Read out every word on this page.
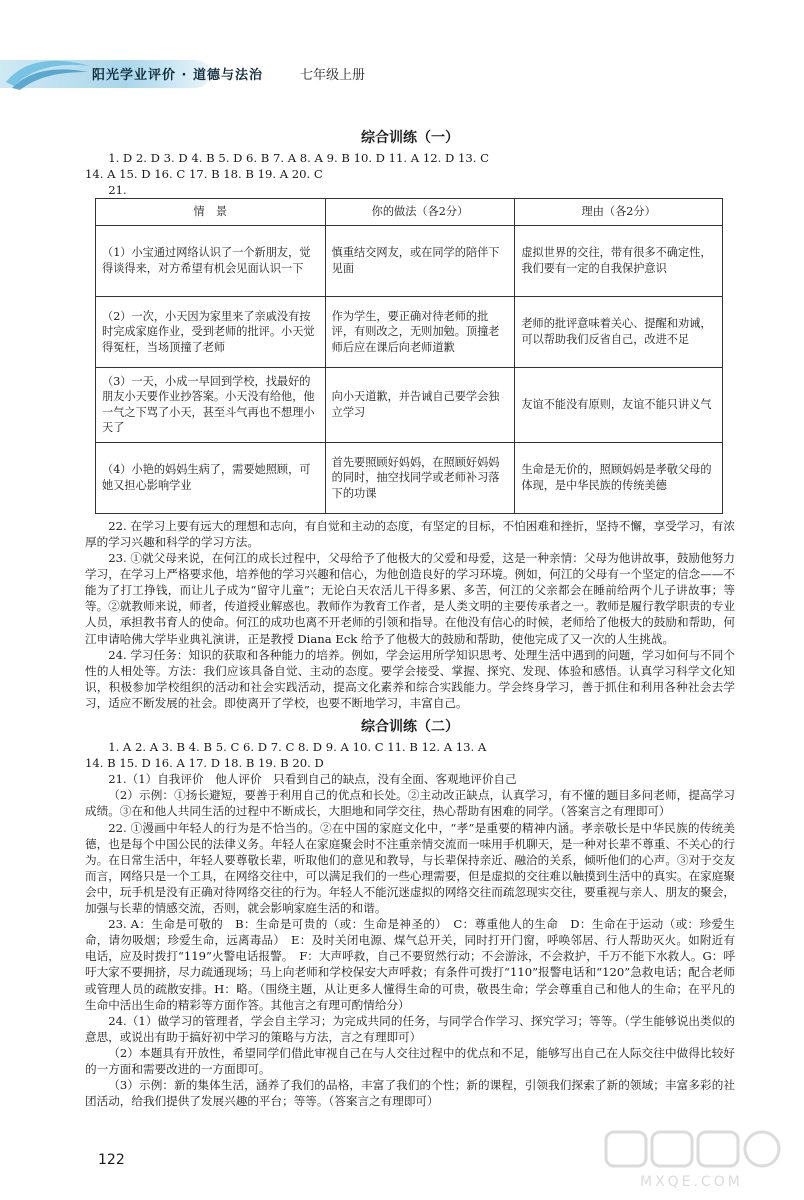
阳光学业评价 · 道德与法治	七年级上册
综合训练（一）

1. D 2. D 3. D 4. B 5. D 6. B 7. A 8. A 9. B 10. D 11. A 12. D 13. C

14. A 15. D 16. C 17. B 18. B 19. A 20. C

21.

情　景	你的做法（各2分）	理由（各2分）
（1）小宝通过网络认识了一个新朋友，觉得谈得来，对方希望有机会见面认识一下	慎重结交网友，或在同学的陪伴下见面	虚拟世界的交往，带有很多不确定性，我们要有一定的自我保护意识
（2）一次，小天因为家里来了亲戚没有按时完成家庭作业，受到老师的批评。小天觉得冤枉，当场顶撞了老师	作为学生，要正确对待老师的批评，有则改之，无则加勉。顶撞老师后应在课后向老师道歉	老师的批评意味着关心、提醒和劝诫，可以帮助我们反省自己，改进不足
（3）一天，小成一早回到学校，找最好的朋友小天要作业抄答案。小天没有给他，他一气之下骂了小天，甚至斗气再也不想理小天了	向小天道歉，并告诫自己要学会独立学习	友谊不能没有原则，友谊不能只讲义气
（4）小艳的妈妈生病了，需要她照顾，可她又担心影响学业	首先要照顾好妈妈，在照顾好妈妈的同时，抽空找同学或老师补习落下的功课	生命是无价的，照顾妈妈是孝敬父母的体现，是中华民族的传统美德

22. 在学习上要有远大的理想和志向，有自觉和主动的态度，有坚定的目标，不怕困难和挫折，坚持不懈，享受学习，有浓厚的学习兴趣和科学的学习方法。

23. ①就父母来说，在何江的成长过程中，父母给予了他极大的父爱和母爱，这是一种亲情：父母为他讲故事，鼓励他努力学习，在学习上严格要求他，培养他的学习兴趣和信心，为他创造良好的学习环境。例如，何江的父母有一个坚定的信念——不能为了打工挣钱，而让儿子成为“留守儿童”；无论白天农活儿干得多累、多苦，何江的父亲都会在睡前给两个儿子讲故事；等等。②就教师来说，师者，传道授业解惑也。教师作为教育工作者，是人类文明的主要传承者之一。教师是履行教学职责的专业人员，承担教书育人的使命。何江的成功也离不开老师的引领和指导。在他没有信心的时候，老师给了他极大的鼓励和帮助，何江申请哈佛大学毕业典礼演讲，正是教授 Diana Eck 给予了他极大的鼓励和帮助，使他完成了又一次的人生挑战。

24. 学习任务：知识的获取和各种能力的培养。例如，学会运用所学知识思考、处理生活中遇到的问题，学习如何与不同个性的人相处等。方法：我们应该具备自觉、主动的态度。要学会接受、掌握、探究、发现、体验和感悟。认真学习科学文化知识，积极参加学校组织的活动和社会实践活动，提高文化素养和综合实践能力。学会终身学习，善于抓住和利用各种社会去学习，适应不断发展的社会。即使离开了学校，也要不断地学习，丰富自己。

综合训练（二）

1. A 2. A 3. B 4. B 5. C 6. D 7. C 8. D 9. A 10. C 11. B 12. A 13. A

14. B 15. D 16. A 17. D 18. B 19. B 20. D

21.（1）自我评价　他人评价　只看到自己的缺点，没有全面、客观地评价自己

（2）示例：①扬长避短，要善于利用自己的优点和长处。②主动改正缺点，认真学习，有不懂的题目多问老师，提高学习成绩。③在和他人共同生活的过程中不断成长，大胆地和同学交往，热心帮助有困难的同学。（答案言之有理即可）

22. ①漫画中年轻人的行为是不恰当的。②在中国的家庭文化中，“孝”是重要的精神内涵。孝亲敬长是中华民族的传统美德，也是每个中国公民的法律义务。年轻人在家庭聚会时不注重亲情交流而一味用手机聊天，是一种对长辈不尊重、不关心的行为。在日常生活中，年轻人要尊敬长辈，听取他们的意见和教导，与长辈保持亲近、融洽的关系，倾听他们的心声。③对于交友而言，网络只是一个工具，在网络交往中，可以满足我们的一些心理需要，但是虚拟的交往难以触摸到生活中的真实。在家庭聚会中，玩手机是没有正确对待网络交往的行为。年轻人不能沉迷虚拟的网络交往而疏忽现实交往，要重视与亲人、朋友的聚会，加强与长辈的情感交流，否则，就会影响家庭生活的和谐。

23. A：生命是可敬的　B：生命是可贵的（或：生命是神圣的）　C：尊重他人的生命　D：生命在于运动（或：珍爱生命，请勿吸烟；珍爱生命，远离毒品）　E：及时关闭电源、煤气总开关，同时打开门窗，呼唤邻居、行人帮助灭火。如附近有电话，应及时拨打“119”火警电话报警。　F：大声呼救，自己不要贸然行动；不会游泳，不会救护，千万不能下水救人。G：呼吁大家不要拥挤，尽力疏通现场；马上向老师和学校保安大声呼救；有条件可拨打“110”报警电话和“120”急救电话；配合老师或管理人员的疏散安排。H：略。（围绕主题，从让更多人懂得生命的可贵，敬畏生命；学会尊重自己和他人的生命；在平凡的生命中活出生命的精彩等方面作答。其他言之有理可酌情给分）

24.（1）做学习的管理者，学会自主学习；为完成共同的任务，与同学合作学习、探究学习；等等。（学生能够说出类似的意思，或说出有助于搞好初中学习的策略与方法，言之有理即可）

（2）本题具有开放性，希望同学们借此审视自己在与人交往过程中的优点和不足，能够写出自己在人际交往中做得比较好的一方面和需要改进的一方面即可。

（3）示例：新的集体生活，涵养了我们的品格，丰富了我们的个性；新的课程，引领我们探索了新的领域；丰富多彩的社团活动，给我们提供了发展兴趣的平台；等等。（答案言之有理即可）

122
MXQE.COM
